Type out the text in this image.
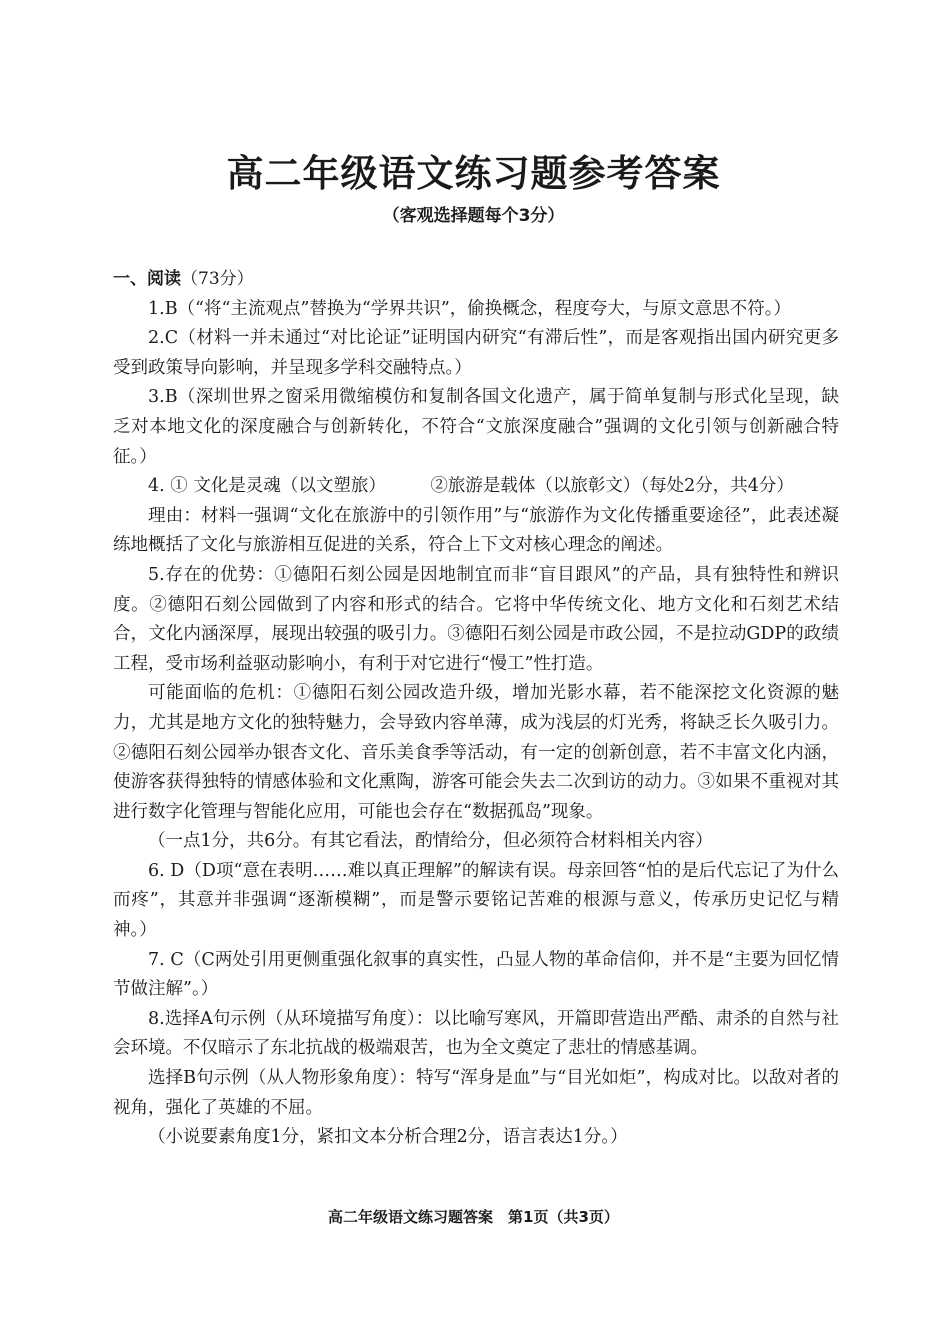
高二年级语文练习题参考答案
（客观选择题每个3分）

一、阅读（73分）

1.B（“将“主流观点”替换为“学界共识”，偷换概念，程度夸大，与原文意思不符。）

2.C（材料一并未通过“对比论证”证明国内研究“有滞后性”，而是客观指出国内研究更多受到政策导向影响，并呈现多学科交融特点。）

3.B（深圳世界之窗采用微缩模仿和复制各国文化遗产，属于简单复制与形式化呈现，缺乏对本地文化的深度融合与创新转化，不符合“文旅深度融合”强调的文化引领与创新融合特征。）

4. ① 文化是灵魂（以文塑旅）        ②旅游是载体（以旅彰文）（每处2分，共4分）

理由：材料一强调“文化在旅游中的引领作用”与“旅游作为文化传播重要途径”，此表述凝练地概括了文化与旅游相互促进的关系，符合上下文对核心理念的阐述。

5.存在的优势：①德阳石刻公园是因地制宜而非“盲目跟风”的产品，具有独特性和辨识度。②德阳石刻公园做到了内容和形式的结合。它将中华传统文化、地方文化和石刻艺术结合，文化内涵深厚，展现出较强的吸引力。③德阳石刻公园是市政公园，不是拉动GDP的政绩工程，受市场利益驱动影响小，有利于对它进行“慢工”性打造。

可能面临的危机：①德阳石刻公园改造升级，增加光影水幕，若不能深挖文化资源的魅力，尤其是地方文化的独特魅力，会导致内容单薄，成为浅层的灯光秀，将缺乏长久吸引力。②德阳石刻公园举办银杏文化、音乐美食季等活动，有一定的创新创意，若不丰富文化内涵，使游客获得独特的情感体验和文化熏陶，游客可能会失去二次到访的动力。③如果不重视对其进行数字化管理与智能化应用，可能也会存在“数据孤岛”现象。

（一点1分，共6分。有其它看法，酌情给分，但必须符合材料相关内容）

6. D（D项“意在表明……难以真正理解”的解读有误。母亲回答“怕的是后代忘记了为什么而疼”，其意并非强调“逐渐模糊”，而是警示要铭记苦难的根源与意义，传承历史记忆与精神。）

7. C（C两处引用更侧重强化叙事的真实性，凸显人物的革命信仰，并不是“主要为回忆情节做注解”。）

8.选择A句示例（从环境描写角度）：以比喻写寒风，开篇即营造出严酷、肃杀的自然与社会环境。不仅暗示了东北抗战的极端艰苦，也为全文奠定了悲壮的情感基调。

选择B句示例（从人物形象角度）：特写“浑身是血”与“目光如炬”，构成对比。以敌对者的视角，强化了英雄的不屈。

（小说要素角度1分，紧扣文本分析合理2分，语言表达1分。）

高二年级语文练习题答案　第1页（共3页）
